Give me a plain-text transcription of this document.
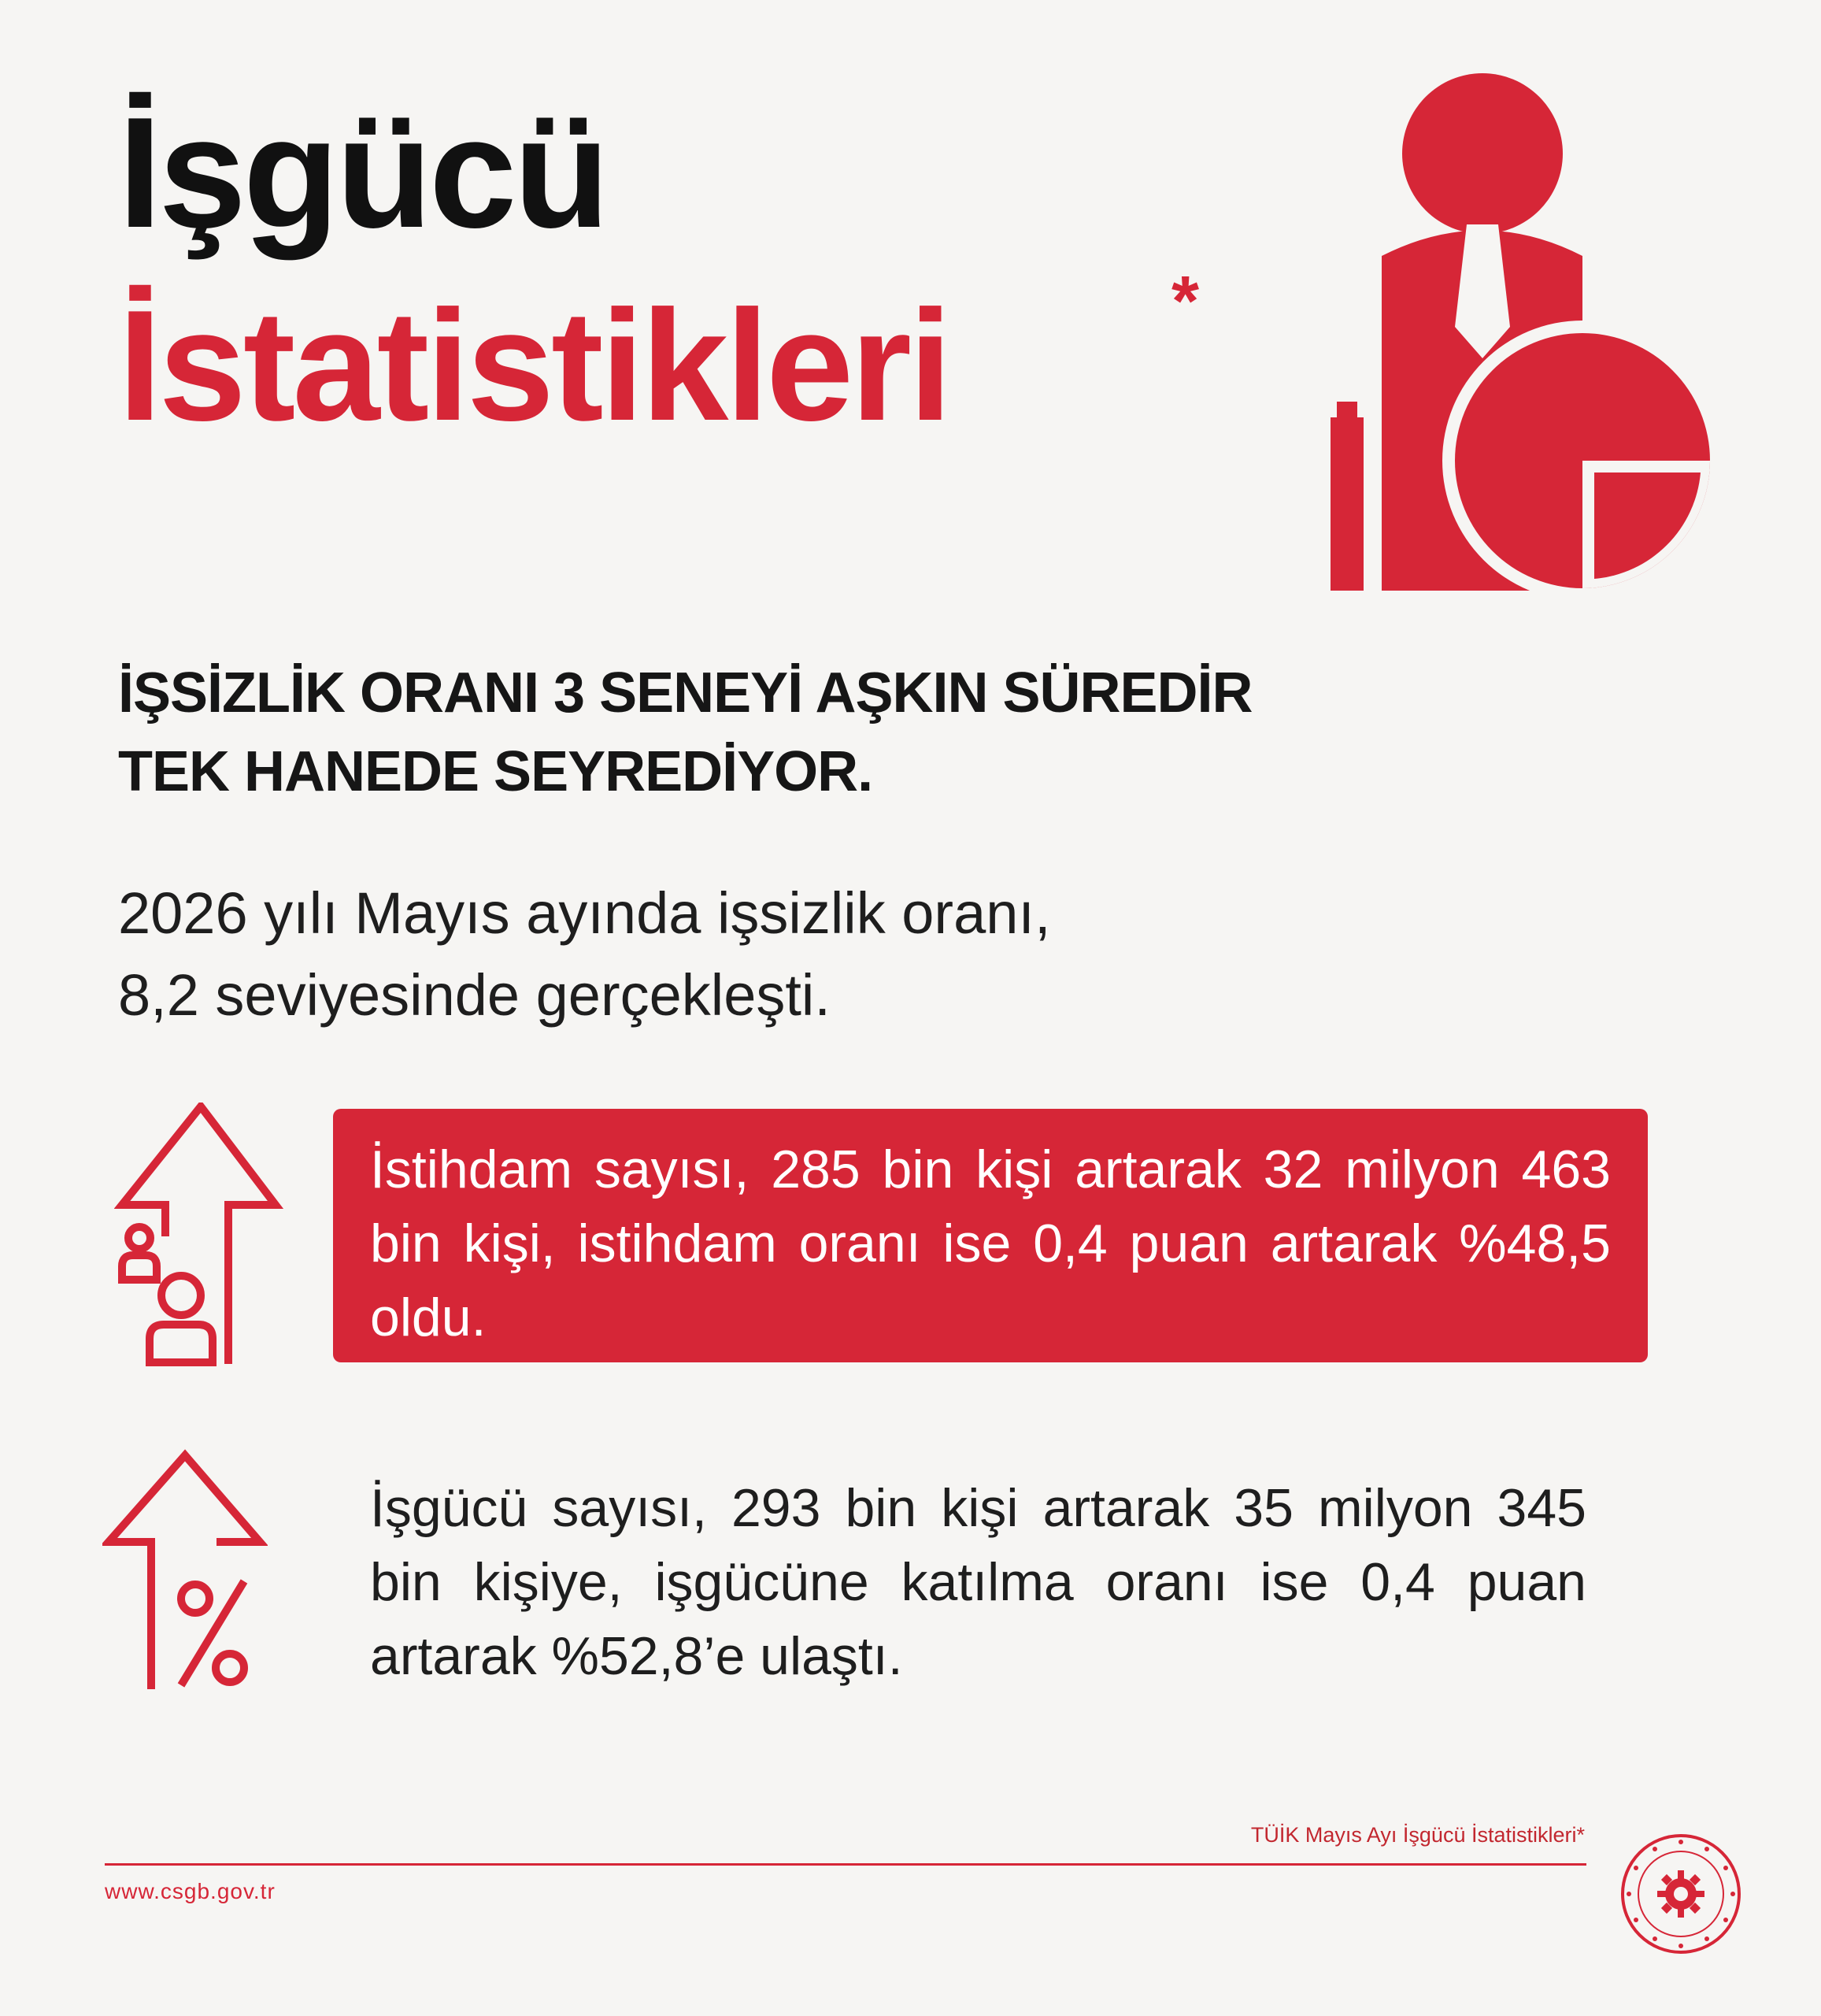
İşgücü
İstatistikleri	*
İŞSİZLİK ORANI 3 SENEYİ AŞKIN SÜREDİR
TEK HANEDE SEYREDİYOR.
2026 yılı Mayıs ayında işsizlik oranı,
8,2 seviyesinde gerçekleşti.
İstihdam sayısı, 285 bin kişi artarak 32 milyon 463 bin kişi, istihdam oranı ise 0,4 puan artarak %48,5 oldu.
İşgücü sayısı, 293 bin kişi artarak 35 milyon 345 bin kişiye, işgücüne katılma oranı ise 0,4 puan artarak %52,8’e ulaştı.
TÜİK Mayıs Ayı İşgücü İstatistikleri*
www.csgb.gov.tr
